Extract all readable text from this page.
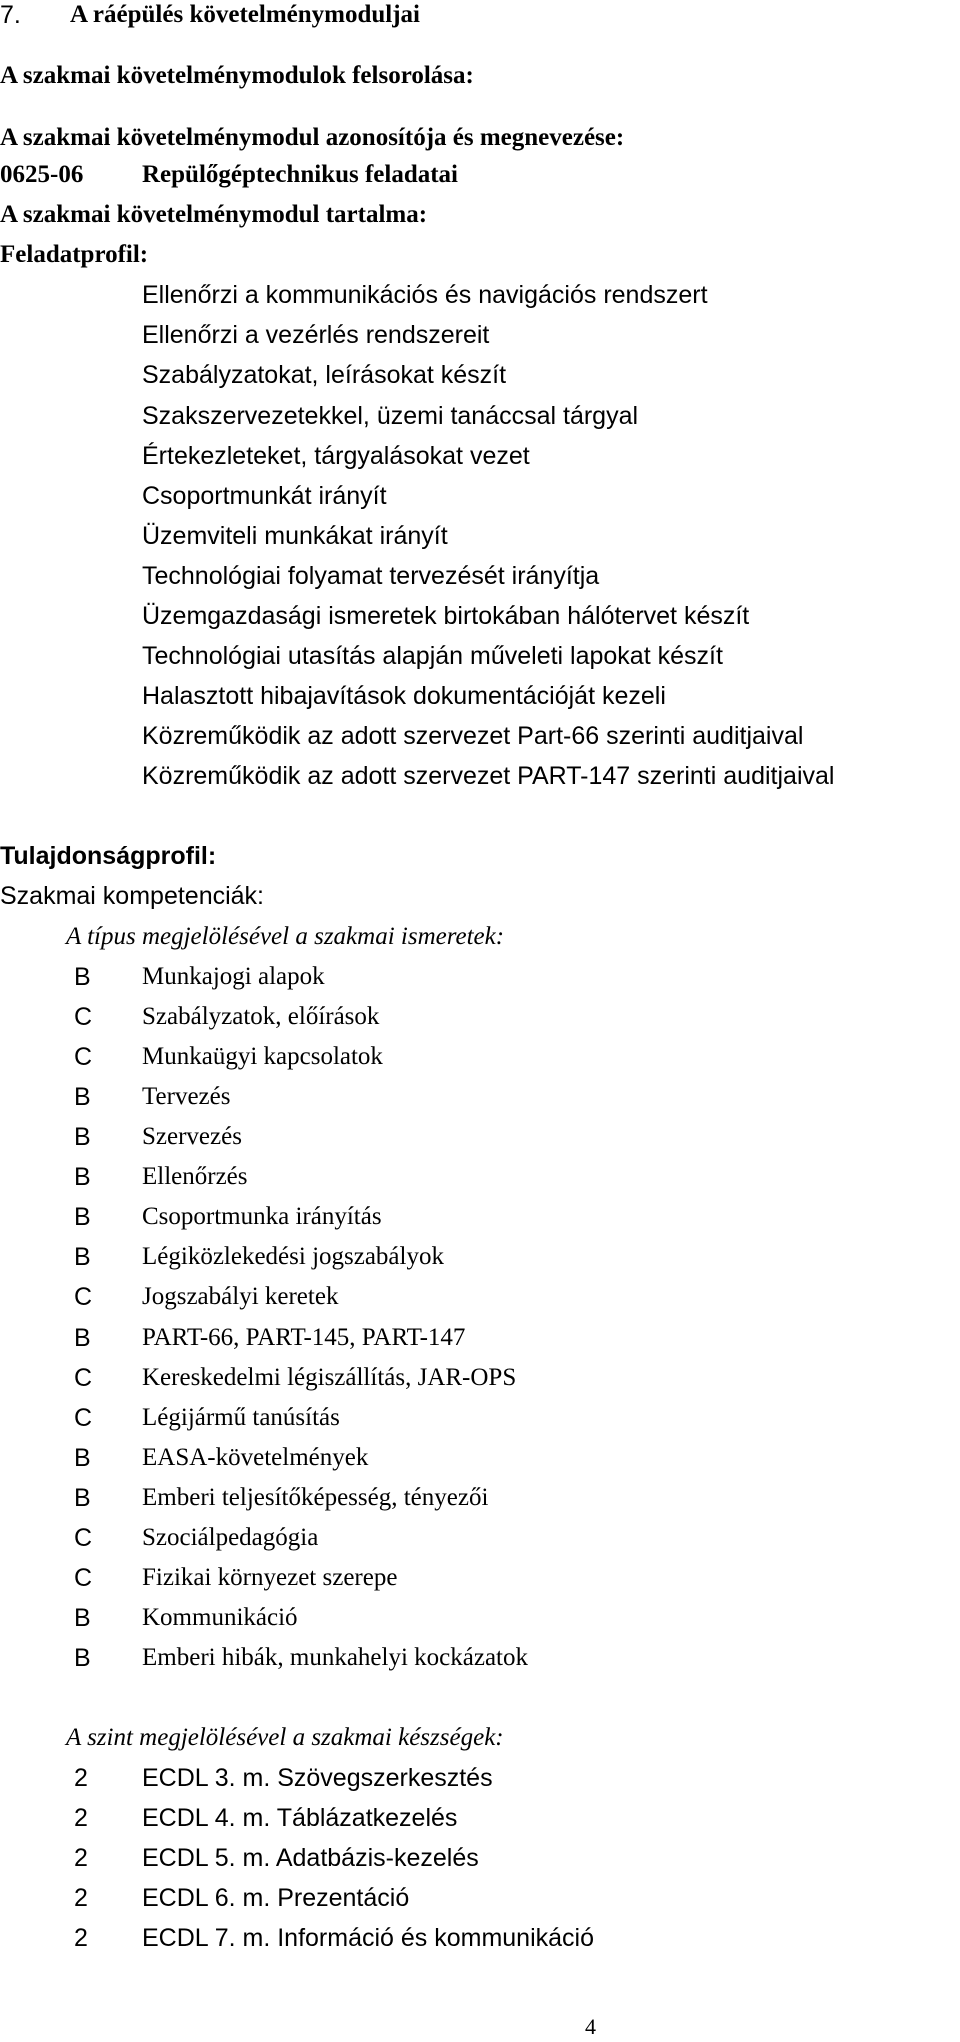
7. A ráépülés követelménymoduljai
A szakmai követelménymodulok felsorolása:
A szakmai követelménymodul azonosítója és megnevezése:
0625-06 Repülőgéptechnikus feladatai
A szakmai követelménymodul tartalma:
Feladatprofil:
Ellenőrzi a kommunikációs és navigációs rendszert
Ellenőrzi a vezérlés rendszereit
Szabályzatokat, leírásokat készít
Szakszervezetekkel, üzemi tanáccsal tárgyal
Értekezleteket, tárgyalásokat vezet
Csoportmunkát irányít
Üzemviteli munkákat irányít
Technológiai folyamat tervezését irányítja
Üzemgazdasági ismeretek birtokában hálótervet készít
Technológiai utasítás alapján műveleti lapokat készít
Halasztott hibajavítások dokumentációját kezeli
Közreműködik az adott szervezet Part-66 szerinti auditjaival
Közreműködik az adott szervezet PART-147 szerinti auditjaival
Tulajdonságprofil:
Szakmai kompetenciák:
A típus megjelölésével a szakmai ismeretek:
B	Munkajogi alapok
C	Szabályzatok, előírások
C	Munkaügyi kapcsolatok
B	Tervezés
B	Szervezés
B	Ellenőrzés
B	Csoportmunka irányítás
B	Légiközlekedési jogszabályok
C	Jogszabályi keretek
B	PART-66, PART-145, PART-147
C	Kereskedelmi légiszállítás, JAR-OPS
C	Légijármű tanúsítás
B	EASA-követelmények
B	Emberi teljesítőképesség, tényezői
C	Szociálpedagógia
C	Fizikai környezet szerepe
B	Kommunikáció
B	Emberi hibák, munkahelyi kockázatok
A szint megjelölésével a szakmai készségek:
2	ECDL 3. m. Szövegszerkesztés
2	ECDL 4. m. Táblázatkezelés
2	ECDL 5. m. Adatbázis-kezelés
2	ECDL 6. m. Prezentáció
2	ECDL 7. m. Információ és kommunikáció
4
